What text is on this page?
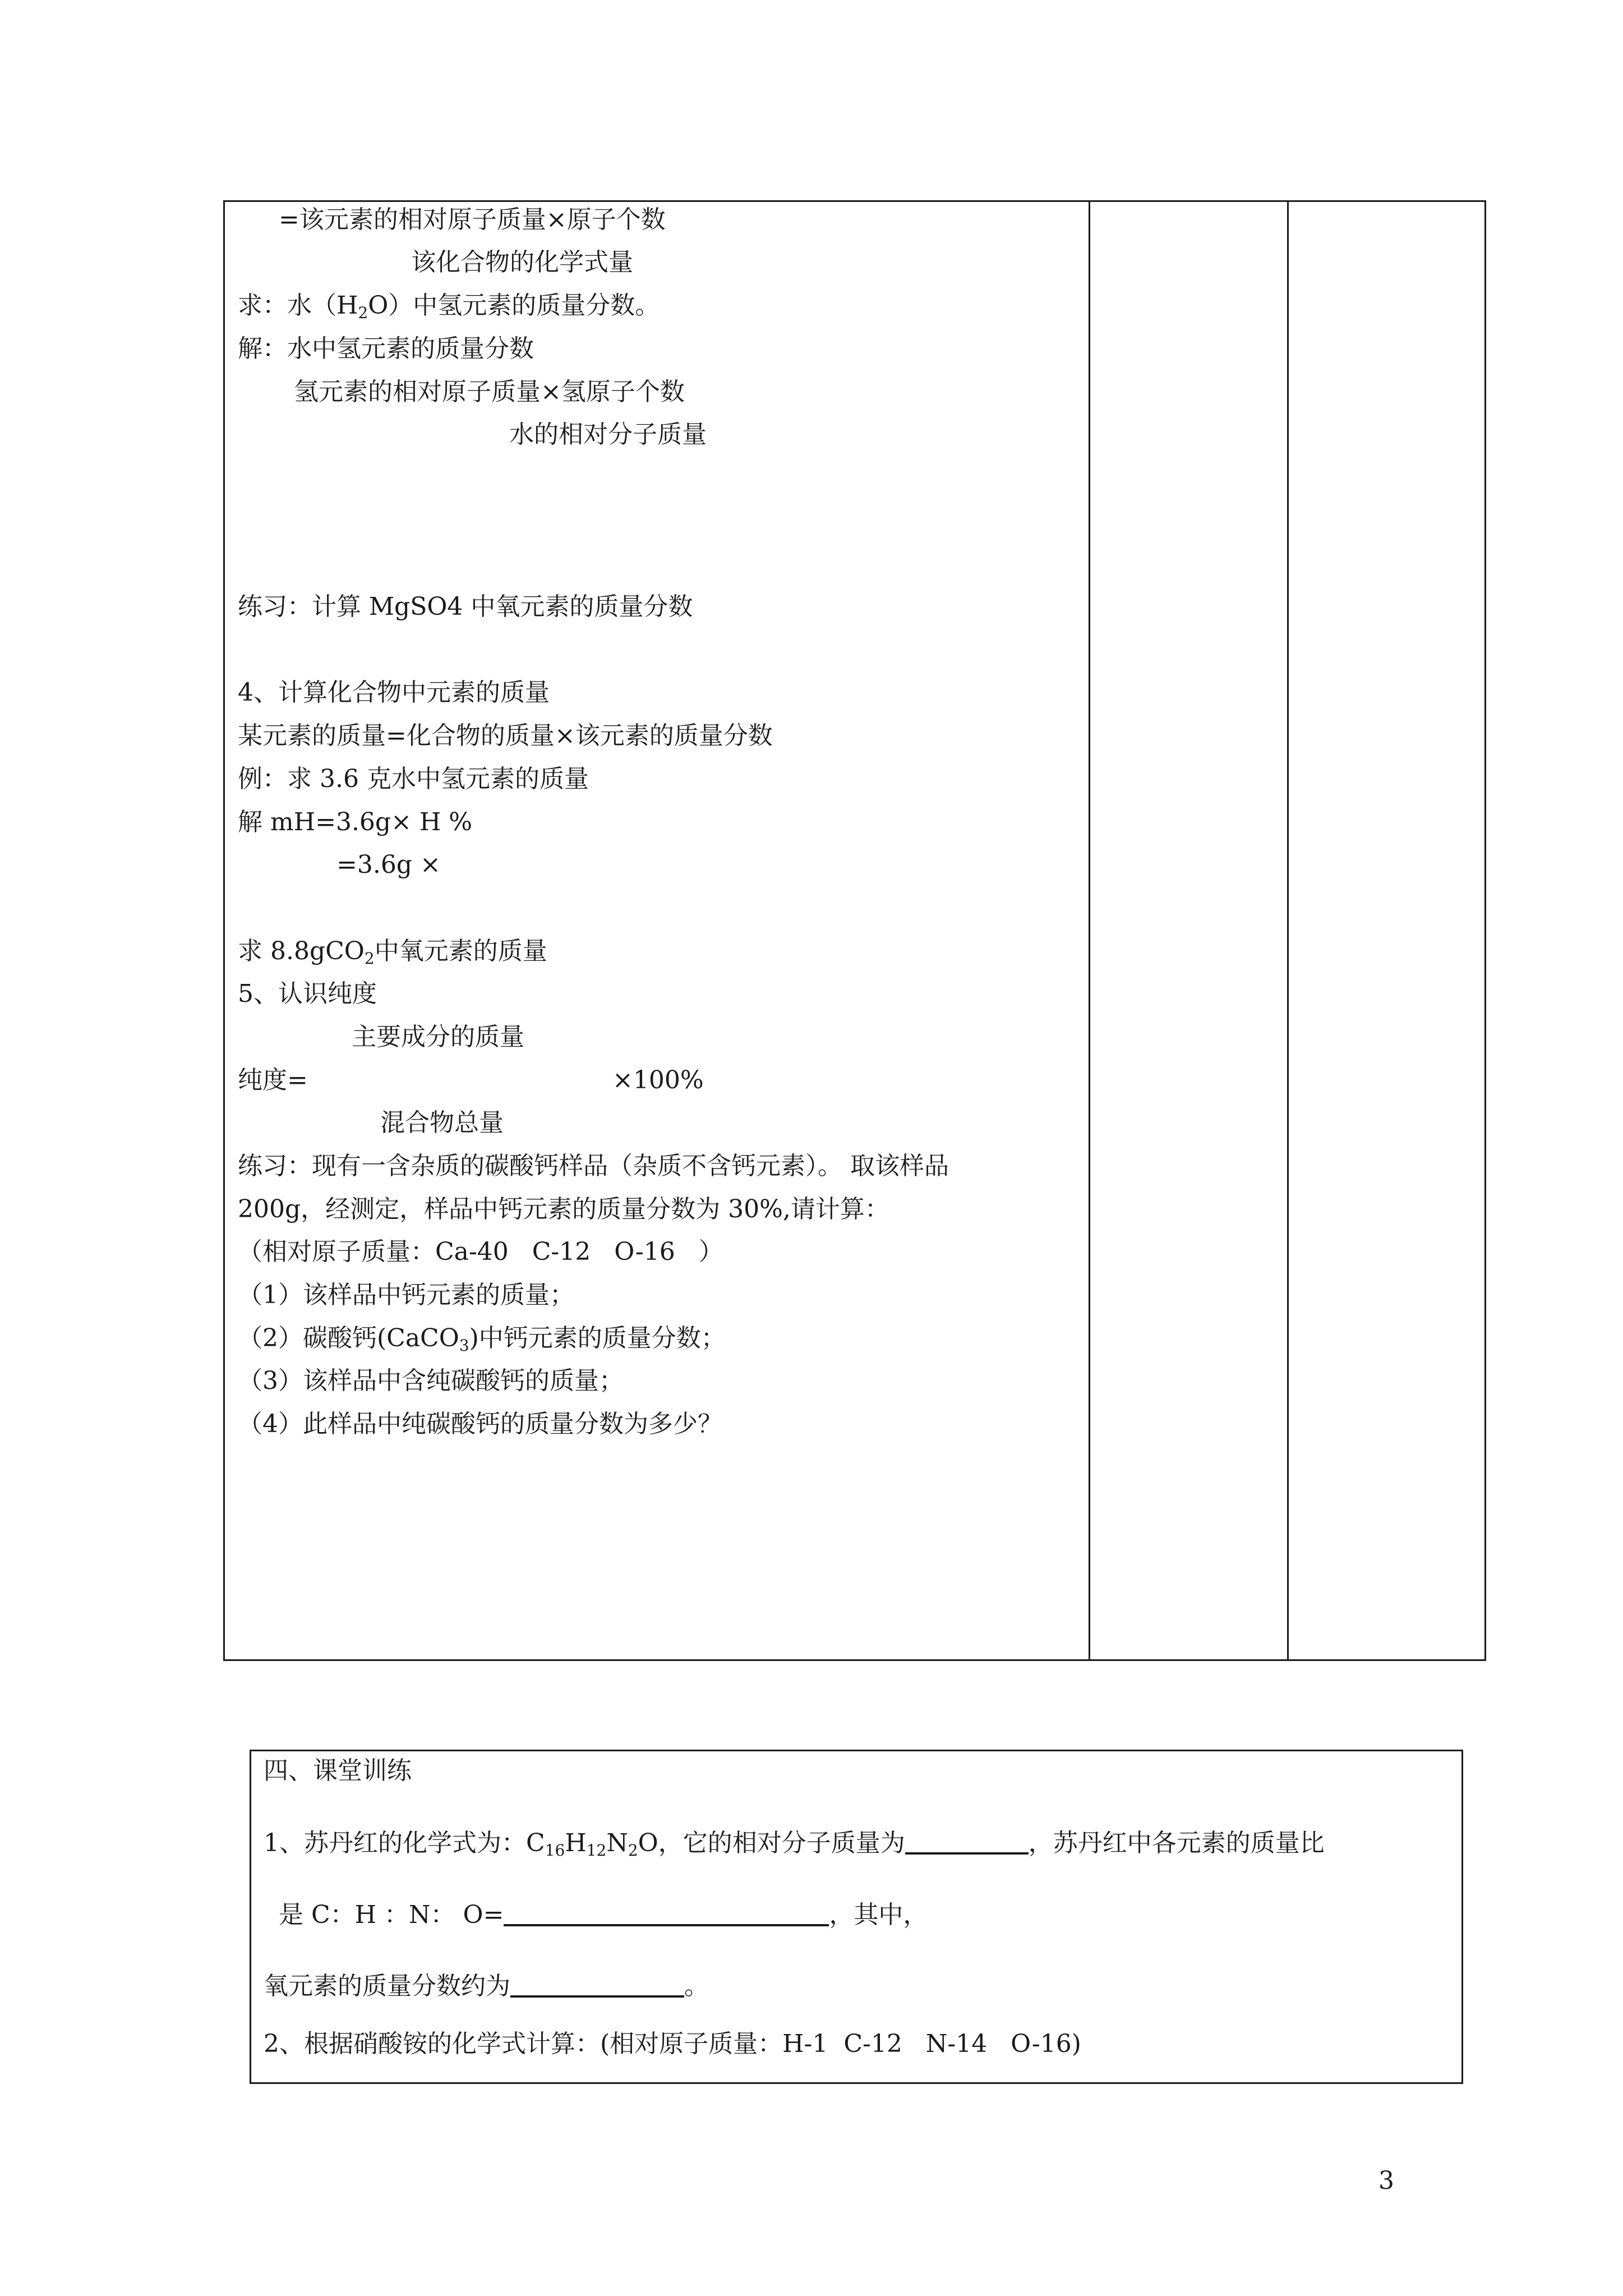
=该元素的相对原子质量×原子个数
该化合物的化学式量
求：水$(H_2O)$中氢元素的质量分数。
解：水中氢元素的质量分数
氢元素的相对原子质量×氢原子个数
水的相对分子质量
练习：计算 MgSO4 中氧元素的质量分数
4、计算化合物中元素的质量
某元素的质量=化合物的质量×该元素的质量分数
例：求 3.6 克水中氢元素的质量
解 mH=3.6g× H %
=3.6g ×
求 8.8gCO$_2$中氧元素的质量
5、认识纯度
主要成分的质量
纯度=	×100%
混合物总量
练习：现有一含杂质的碳酸钙样品（杂质不含钙元素）。 取该样品
200g，经测定，样品中钙元素的质量分数为 30%,请计算：
（相对原子质量：Ca-40   C-12   O-16   ）
（1）该样品中钙元素的质量；
（2）碳酸钙(CaCO$_3$)中钙元素的质量分数；
（3）该样品中含纯碳酸钙的质量；
（4）此样品中纯碳酸钙的质量分数为多少？
四、课堂训练
1、苏丹红的化学式为：$C_{16}H_{12}N_2O$，它的相对分子质量为	，苏丹红中各元素的质量比
是 C：H ：N： O=	，其中，
氧元素的质量分数约为	。
2、根据硝酸铵的化学式计算：(相对原子质量：H-1  C-12   N-14   O-16)
3
